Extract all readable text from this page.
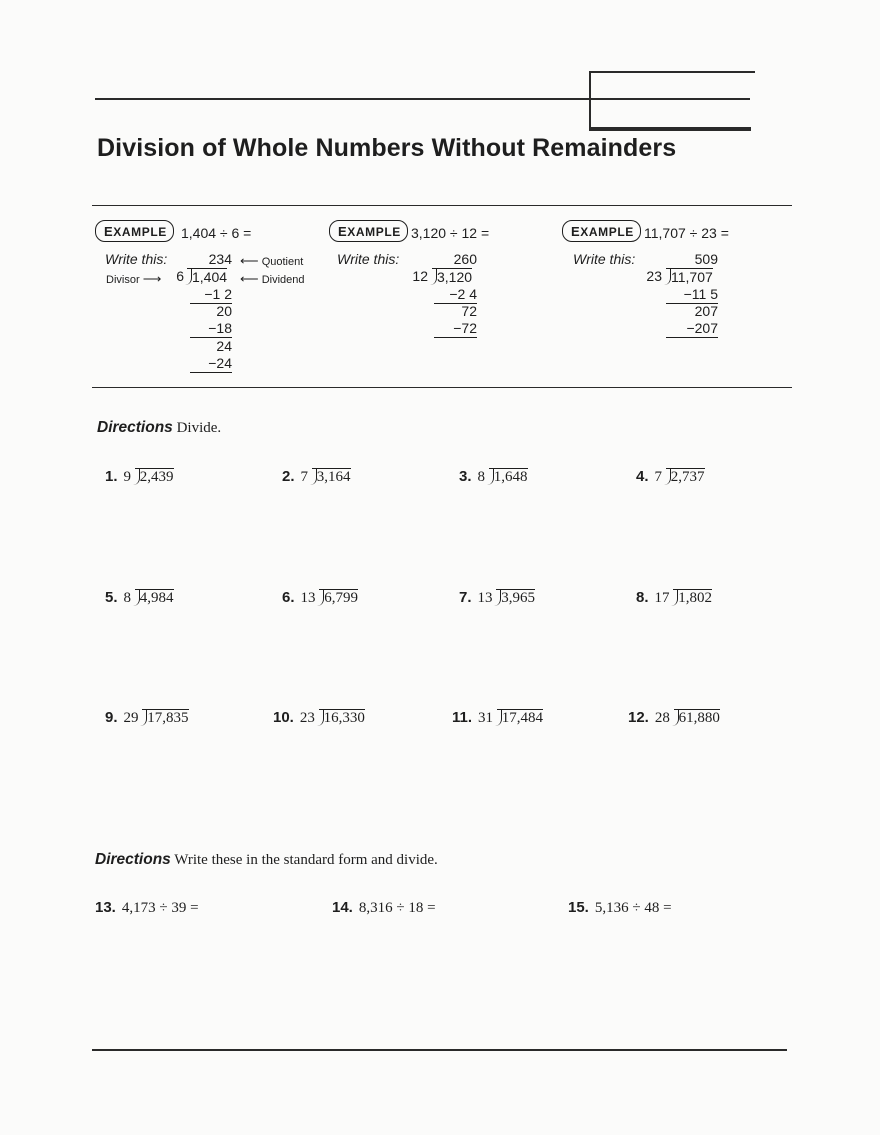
Division of Whole Numbers Without Remainders
EXAMPLE	1,404 ÷ 6 =
Write this:
Divisor ⟶
234 ⟵ Quotient
6 1,404 ⟵ Dividend
−1 2
20
−18
24
−24
EXAMPLE 3,120 ÷ 12 =
Write this:	260
12 3,120
−2 4
72
−72
EXAMPLE 11,707 ÷ 23 =
Write this:	509
23 11,707
−11 5
207
−207
Directions Divide.
1. 9 2,439	2. 7 3,164	3. 8 1,648	4. 7 2,737
5. 8 4,984	6. 13 6,799	7. 13 3,965	8. 17 1,802
9. 29 17,835	10. 23 16,330	11. 31 17,484	12. 28 61,880
Directions Write these in the standard form and divide.
13. 4,173 ÷ 39 =	14. 8,316 ÷ 18 =	15. 5,136 ÷ 48 =
